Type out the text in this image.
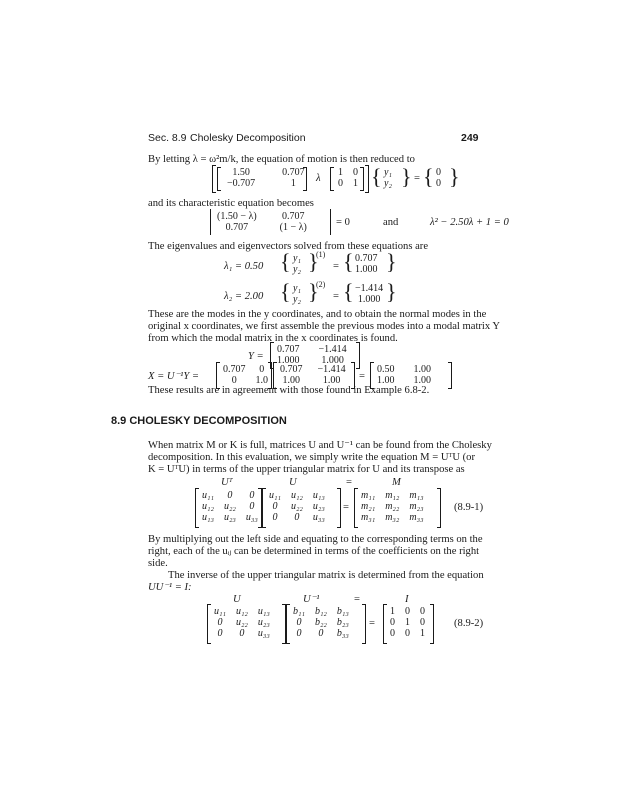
Sec. 8.9 Cholesky Decomposition	249
By letting λ = ω²m/k, the equation of motion is then reduced to
1.50	0.707
−0.707	1 λ
1	0
0	1 { y₁
y₂ } = { 0
0 }
and its characteristic equation becomes
(1.50 − λ)	0.707
0.707	(1 − λ)	= 0	and	λ² − 2.50λ + 1 = 0
The eigenvalues and eigenvectors solved from these equations are
λ₁ = 0.50 { y₁
y₂ }
(1)
= { 0.707
1.000 }
λ₂ = 2.00 { y₁
y₂ }
(2)
= { −1.414
1.000 }
These are the modes in the y coordinates, and to obtain the normal modes in the
original x coordinates, we first assemble the previous modes into a modal matrix Y
from which the modal matrix in the x coordinates is found.
Y =
0.707	−1.414
1.000	1.000
X = U⁻¹Y =
0.707	0
0	1.0
0.707	−1.414
1.00	1.00 =
0.50	1.00
1.00	1.00
These results are in agreement with those found in Example 6.8-2.
8.9 CHOLESKY DECOMPOSITION
When matrix M or K is full, matrices U and U⁻¹ can be found from the Cholesky
decomposition. In this evaluation, we simply write the equation M = UᵀU (or
K = UᵀU) in terms of the upper triangular matrix for U and its transpose as
Uᵀ	U	=	M
u₁₁	0	0
u₁₂	u₂₂	0
u₁₃	u₂₃	u₃₃
u₁₁	u₁₂	u₁₃
0	u₂₂	u₂₃
0	0	u₃₃
=
m₁₁	m₁₂	m₁₃
m₂₁	m₂₂	m₂₃
m₃₁	m₃₂	m₃₃
(8.9-1)
By multiplying out the left side and equating to the corresponding terms on the
right, each of the uᵢⱼ can be determined in terms of the coefficients on the right
side.
The inverse of the upper triangular matrix is determined from the equation
UU⁻¹ = I:
U	U⁻¹	=	I
u₁₁	u₁₂	u₁₃
0	u₂₂	u₂₃
0	0	u₃₃
b₁₁	b₁₂	b₁₃
0	b₂₂	b₂₃
0	0	b₃₃
=
1	0	0
0	1	0
0	0	1
(8.9-2)
